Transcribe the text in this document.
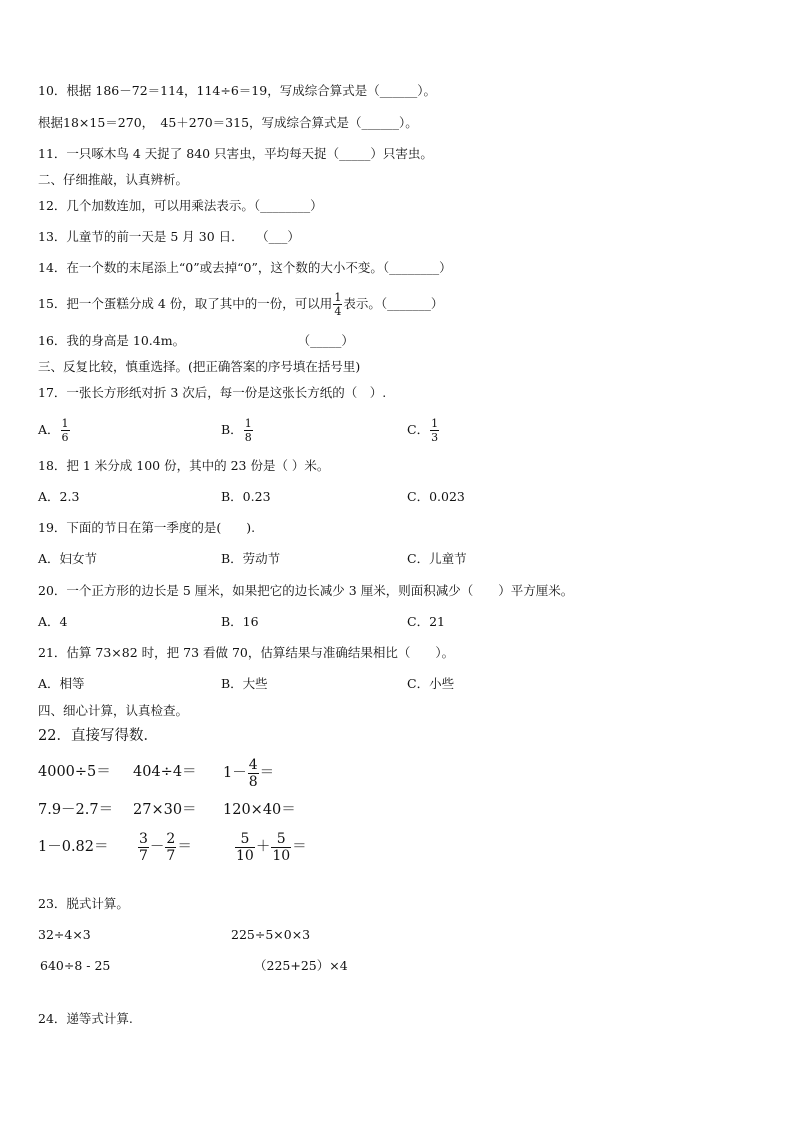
10．根据 186－72＝114，114÷6＝19，写成综合算式是（______）。
根据18×15＝270，　45＋270＝315，写成综合算式是（______）。
11．一只啄木鸟 4 天捉了 840 只害虫，平均每天捉（_____）只害虫。
二、仔细推敲，认真辨析。
12．几个加数连加，可以用乘法表示。（________）
13．儿童节的前一天是 5 月 30 日．　　（___）
14．在一个数的末尾添上“0”或去掉“0”，这个数的大小不变。（________）
15．把一个蛋糕分成 4 份，取了其中的一份，可以用 $\frac{1}{4}$ 表示。（_______）
16．我的身高是 10.4m。　　　　　　　　　　（_____）
三、反复比较，慎重选择。(把正确答案的序号填在括号里)
17．一张长方形纸对折 3 次后，每一份是这张长方纸的（　）.
A． $\frac{1}{6}$	B． $\frac{1}{8}$	C． $\frac{1}{3}$
18．把 1 米分成 100 份，其中的 23 份是（ ）米。
A．2.3	B．0.23	C．0.023
19．下面的节日在第一季度的是(　　).
A．妇女节	B．劳动节	C．儿童节
20．一个正方形的边长是 5 厘米，如果把它的边长减少 3 厘米，则面积减少（　　）平方厘米。
A．4	B．16	C．21
21．估算 73×82 时，把 73 看做 70，估算结果与准确结果相比（　　）。
A．相等	B．大些	C．小些
四、细心计算，认真检查。
22．直接写得数．
$4000\div 5= 404\div 4= 1- \frac{4}{8}$ ＝
7.9－2.7＝ 27×30＝ 120×40＝
$1-0.82= \frac{3}{7} - \frac{2}{7}$ ＝	$\frac{5}{10} + \frac{5}{10}$ ＝
23．脱式计算。
32÷4×3	225÷5×0×3
640÷8 - 25	（225+25）×4
24．递等式计算.
